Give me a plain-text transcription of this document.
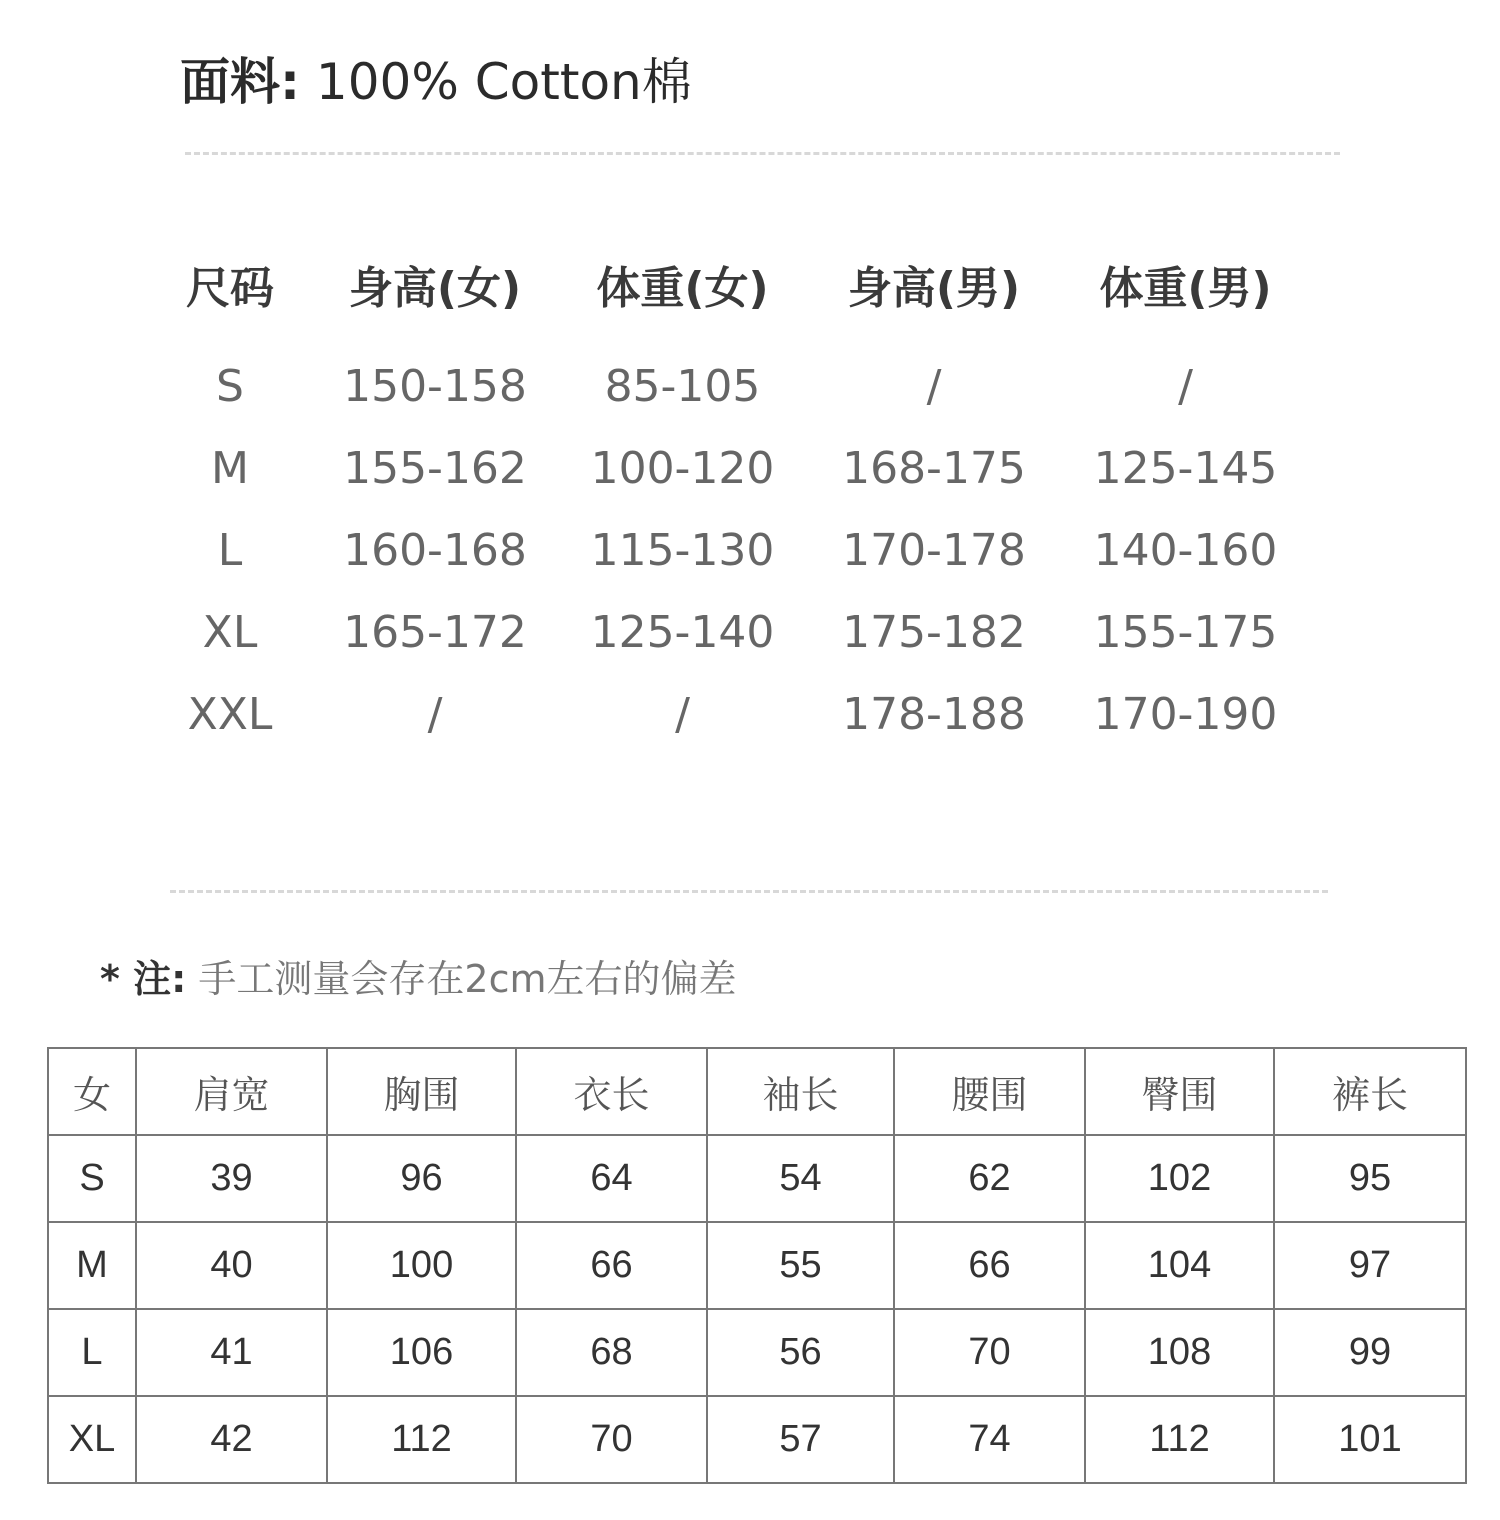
面料: 100% Cotton棉
尺码	身高(女)	体重(女)	身高(男)	体重(男)
S	150-158	85-105	/	/
M	155-162	100-120	168-175	125-145
L	160-168	115-130	170-178	140-160
XL	165-172	125-140	175-182	155-175
XXL	/	/	178-188	170-190
* 注: 手工测量会存在2cm左右的偏差
女	肩宽	胸围	衣长	袖长	腰围	臀围	裤长
S	39	96	64	54	62	102	95
M	40	100	66	55	66	104	97
L	41	106	68	56	70	108	99
XL	42	112	70	57	74	112	101
